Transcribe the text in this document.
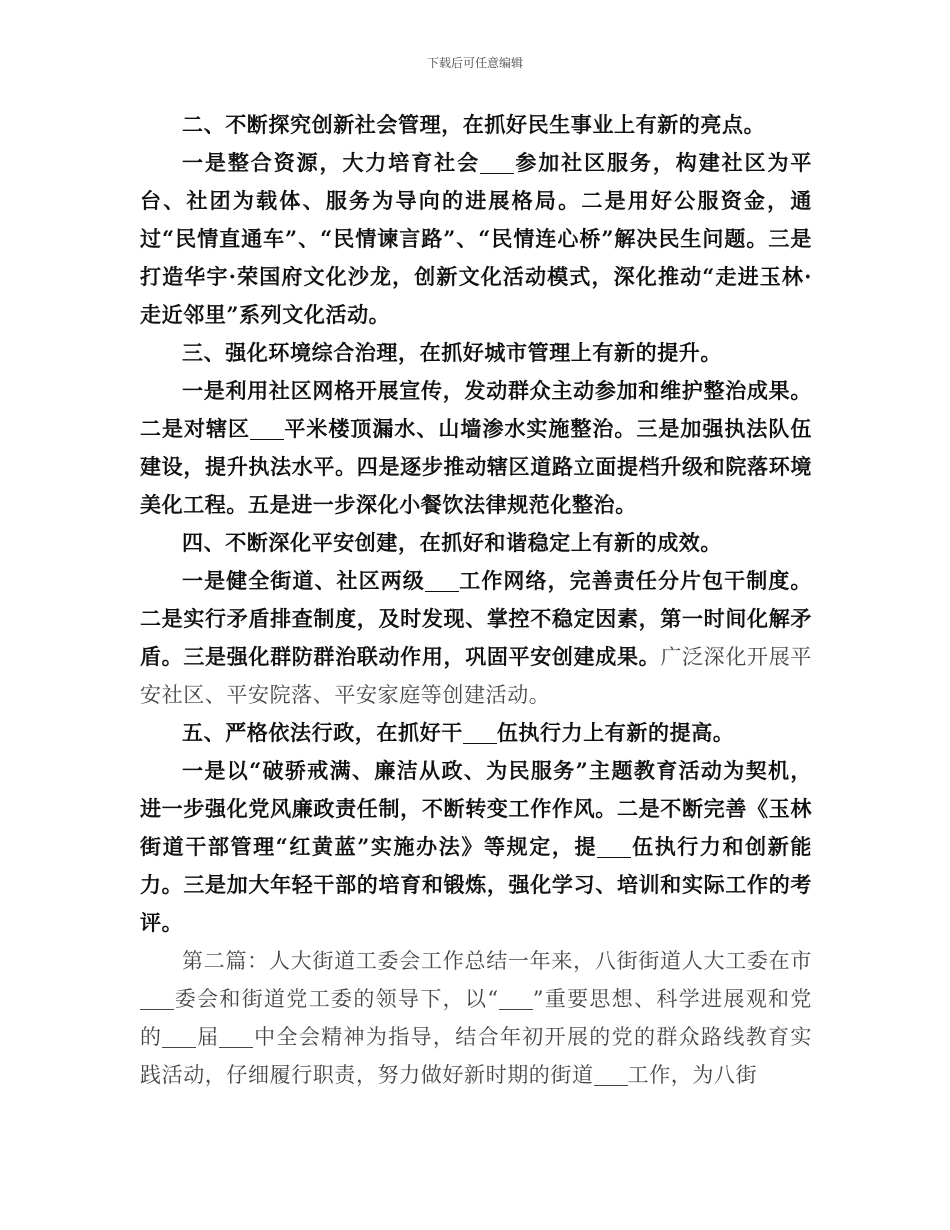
下载后可任意编辑

二、不断探究创新社会管理，在抓好民生事业上有新的亮点。

一是整合资源，大力培育社会 参加社区服务，构建社区为平台、社团为载体、服务为导向的进展格局。二是用好公服资金，通过“民情直通车”、“民情谏言路”、“民情连心桥”解决民生问题。三是打造华宇·荣国府文化沙龙，创新文化活动模式，深化推动“走进玉林·走近邻里”系列文化活动。

三、强化环境综合治理，在抓好城市管理上有新的提升。

一是利用社区网格开展宣传，发动群众主动参加和维护整治成果。二是对辖区 平米楼顶漏水、山墙渗水实施整治。三是加强执法队伍建设，提升执法水平。四是逐步推动辖区道路立面提档升级和院落环境美化工程。五是进一步深化小餐饮法律规范化整治。

四、不断深化平安创建，在抓好和谐稳定上有新的成效。

一是健全街道、社区两级 工作网络，完善责任分片包干制度。二是实行矛盾排查制度，及时发现、掌控不稳定因素，第一时间化解矛盾。三是强化群防群治联动作用，巩固平安创建成果。广泛深化开展平安社区、平安院落、平安家庭等创建活动。

五、严格依法行政，在抓好干 伍执行力上有新的提高。

一是以“破骄戒满、廉洁从政、为民服务”主题教育活动为契机，进一步强化党风廉政责任制，不断转变工作作风。二是不断完善《玉林街道干部管理“红黄蓝”实施办法》等规定，提 伍执行力和创新能力。三是加大年轻干部的培育和锻炼，强化学习、培训和实际工作的考评。

第二篇：人大街道工委会工作总结一年来，八街街道人大工委在市委会和街道党工委的领导下，以“ ”重要思想、科学进展观和党的 届 中全会精神为指导，结合年初开展的党的群众路线教育实践活动，仔细履行职责，努力做好新时期的街道 工作，为八街
